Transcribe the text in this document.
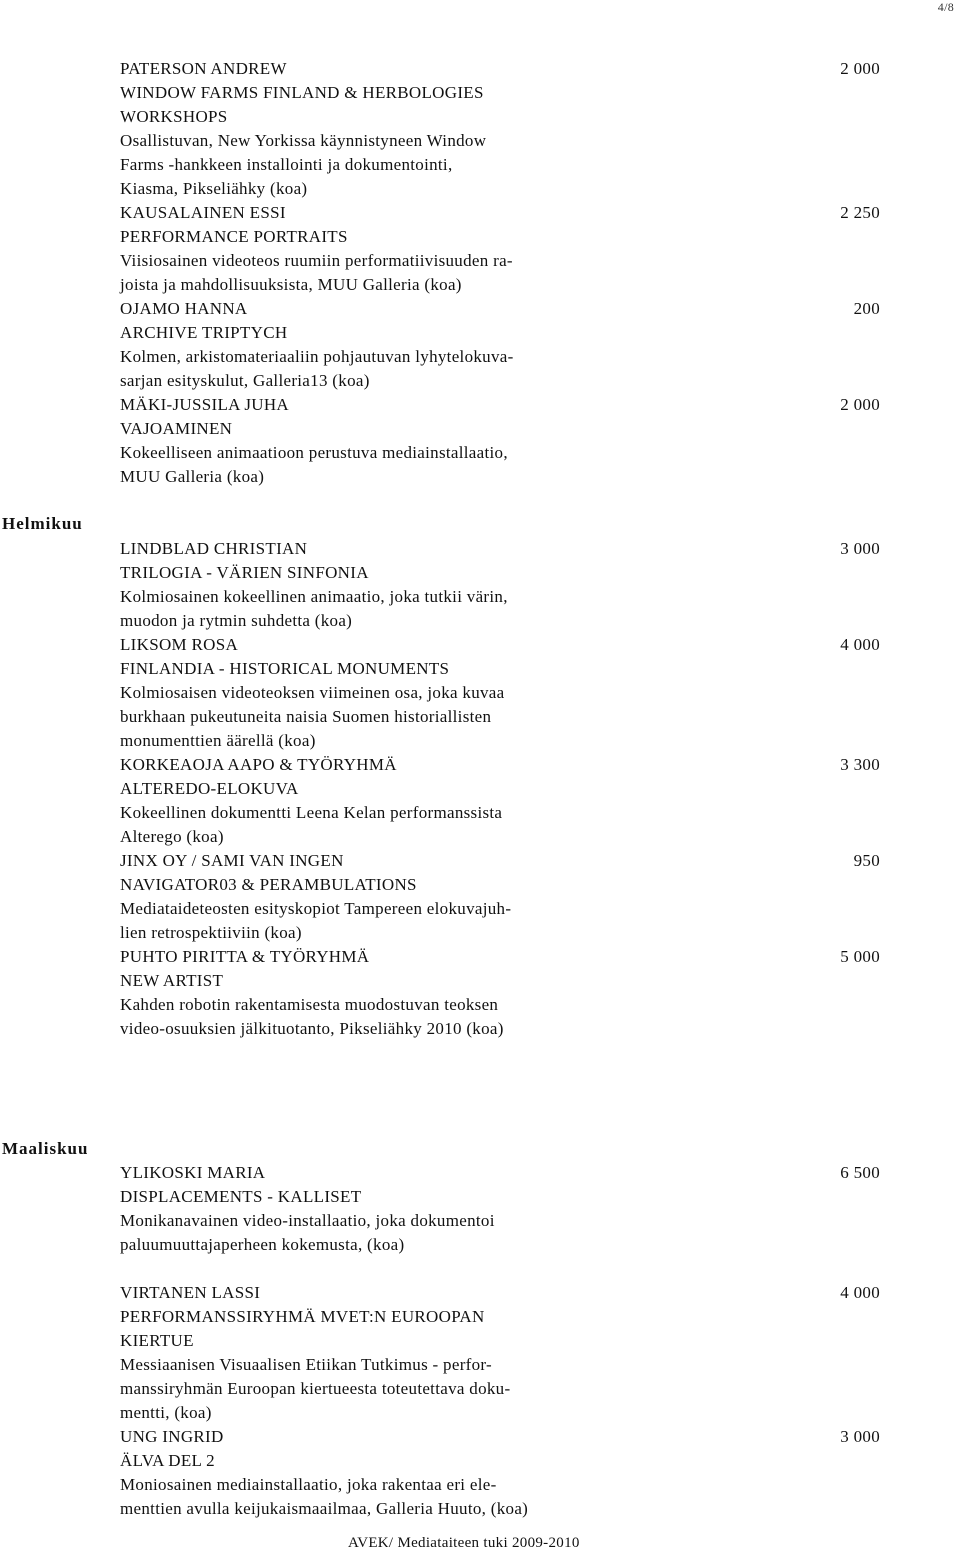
4/8
Helmikuu
Maaliskuu
2 000
PATERSON ANDREW
WINDOW FARMS FINLAND & HERBOLOGIES
WORKSHOPS
Osallistuvan, New Yorkissa käynnistyneen Window
Farms -hankkeen installointi ja dokumentointi,
Kiasma, Pikseliähky (koa)
2 250
KAUSALAINEN ESSI
PERFORMANCE PORTRAITS
Viisiosainen videoteos ruumiin performatiivisuuden ra-
joista ja mahdollisuuksista, MUU Galleria (koa)
200
OJAMO HANNA
ARCHIVE TRIPTYCH
Kolmen, arkistomateriaaliin pohjautuvan lyhytelokuva-
sarjan esityskulut, Galleria13 (koa)
2 000
MÄKI-JUSSILA JUHA
VAJOAMINEN
Kokeelliseen animaatioon perustuva mediainstallaatio,
MUU Galleria (koa)
3 000
LINDBLAD CHRISTIAN
TRILOGIA - VÄRIEN SINFONIA
Kolmiosainen kokeellinen animaatio, joka tutkii värin,
muodon ja rytmin suhdetta (koa)
4 000
LIKSOM ROSA
FINLANDIA - HISTORICAL MONUMENTS
Kolmiosaisen videoteoksen viimeinen osa, joka kuvaa
burkhaan pukeutuneita naisia Suomen historiallisten
monumenttien äärellä (koa)
3 300
KORKEAOJA AAPO & TYÖRYHMÄ
ALTEREDO-ELOKUVA
Kokeellinen dokumentti Leena Kelan performanssista
Alterego (koa)
950
JINX OY / SAMI VAN INGEN
NAVIGATOR03 & PERAMBULATIONS
Mediataideteosten esityskopiot Tampereen elokuvajuh-
lien retrospektiiviin (koa)
5 000
PUHTO PIRITTA & TYÖRYHMÄ
NEW ARTIST
Kahden robotin rakentamisesta muodostuvan teoksen
video-osuuksien jälkituotanto, Pikseliähky 2010 (koa)
6 500
YLIKOSKI MARIA
DISPLACEMENTS - KALLISET
Monikanavainen video-installaatio, joka dokumentoi
paluumuuttajaperheen kokemusta, (koa)
4 000
VIRTANEN LASSI
PERFORMANSSIRYHMÄ MVET:N EUROOPAN
KIERTUE
Messiaanisen Visuaalisen Etiikan Tutkimus - perfor-
manssiryhmän Euroopan kiertueesta toteutettava doku-
mentti, (koa)
3 000
UNG INGRID
ÄLVA DEL 2
Moniosainen mediainstallaatio, joka rakentaa eri ele-
menttien avulla keijukaismaailmaa, Galleria Huuto, (koa)
AVEK/ Mediataiteen tuki 2009-2010
